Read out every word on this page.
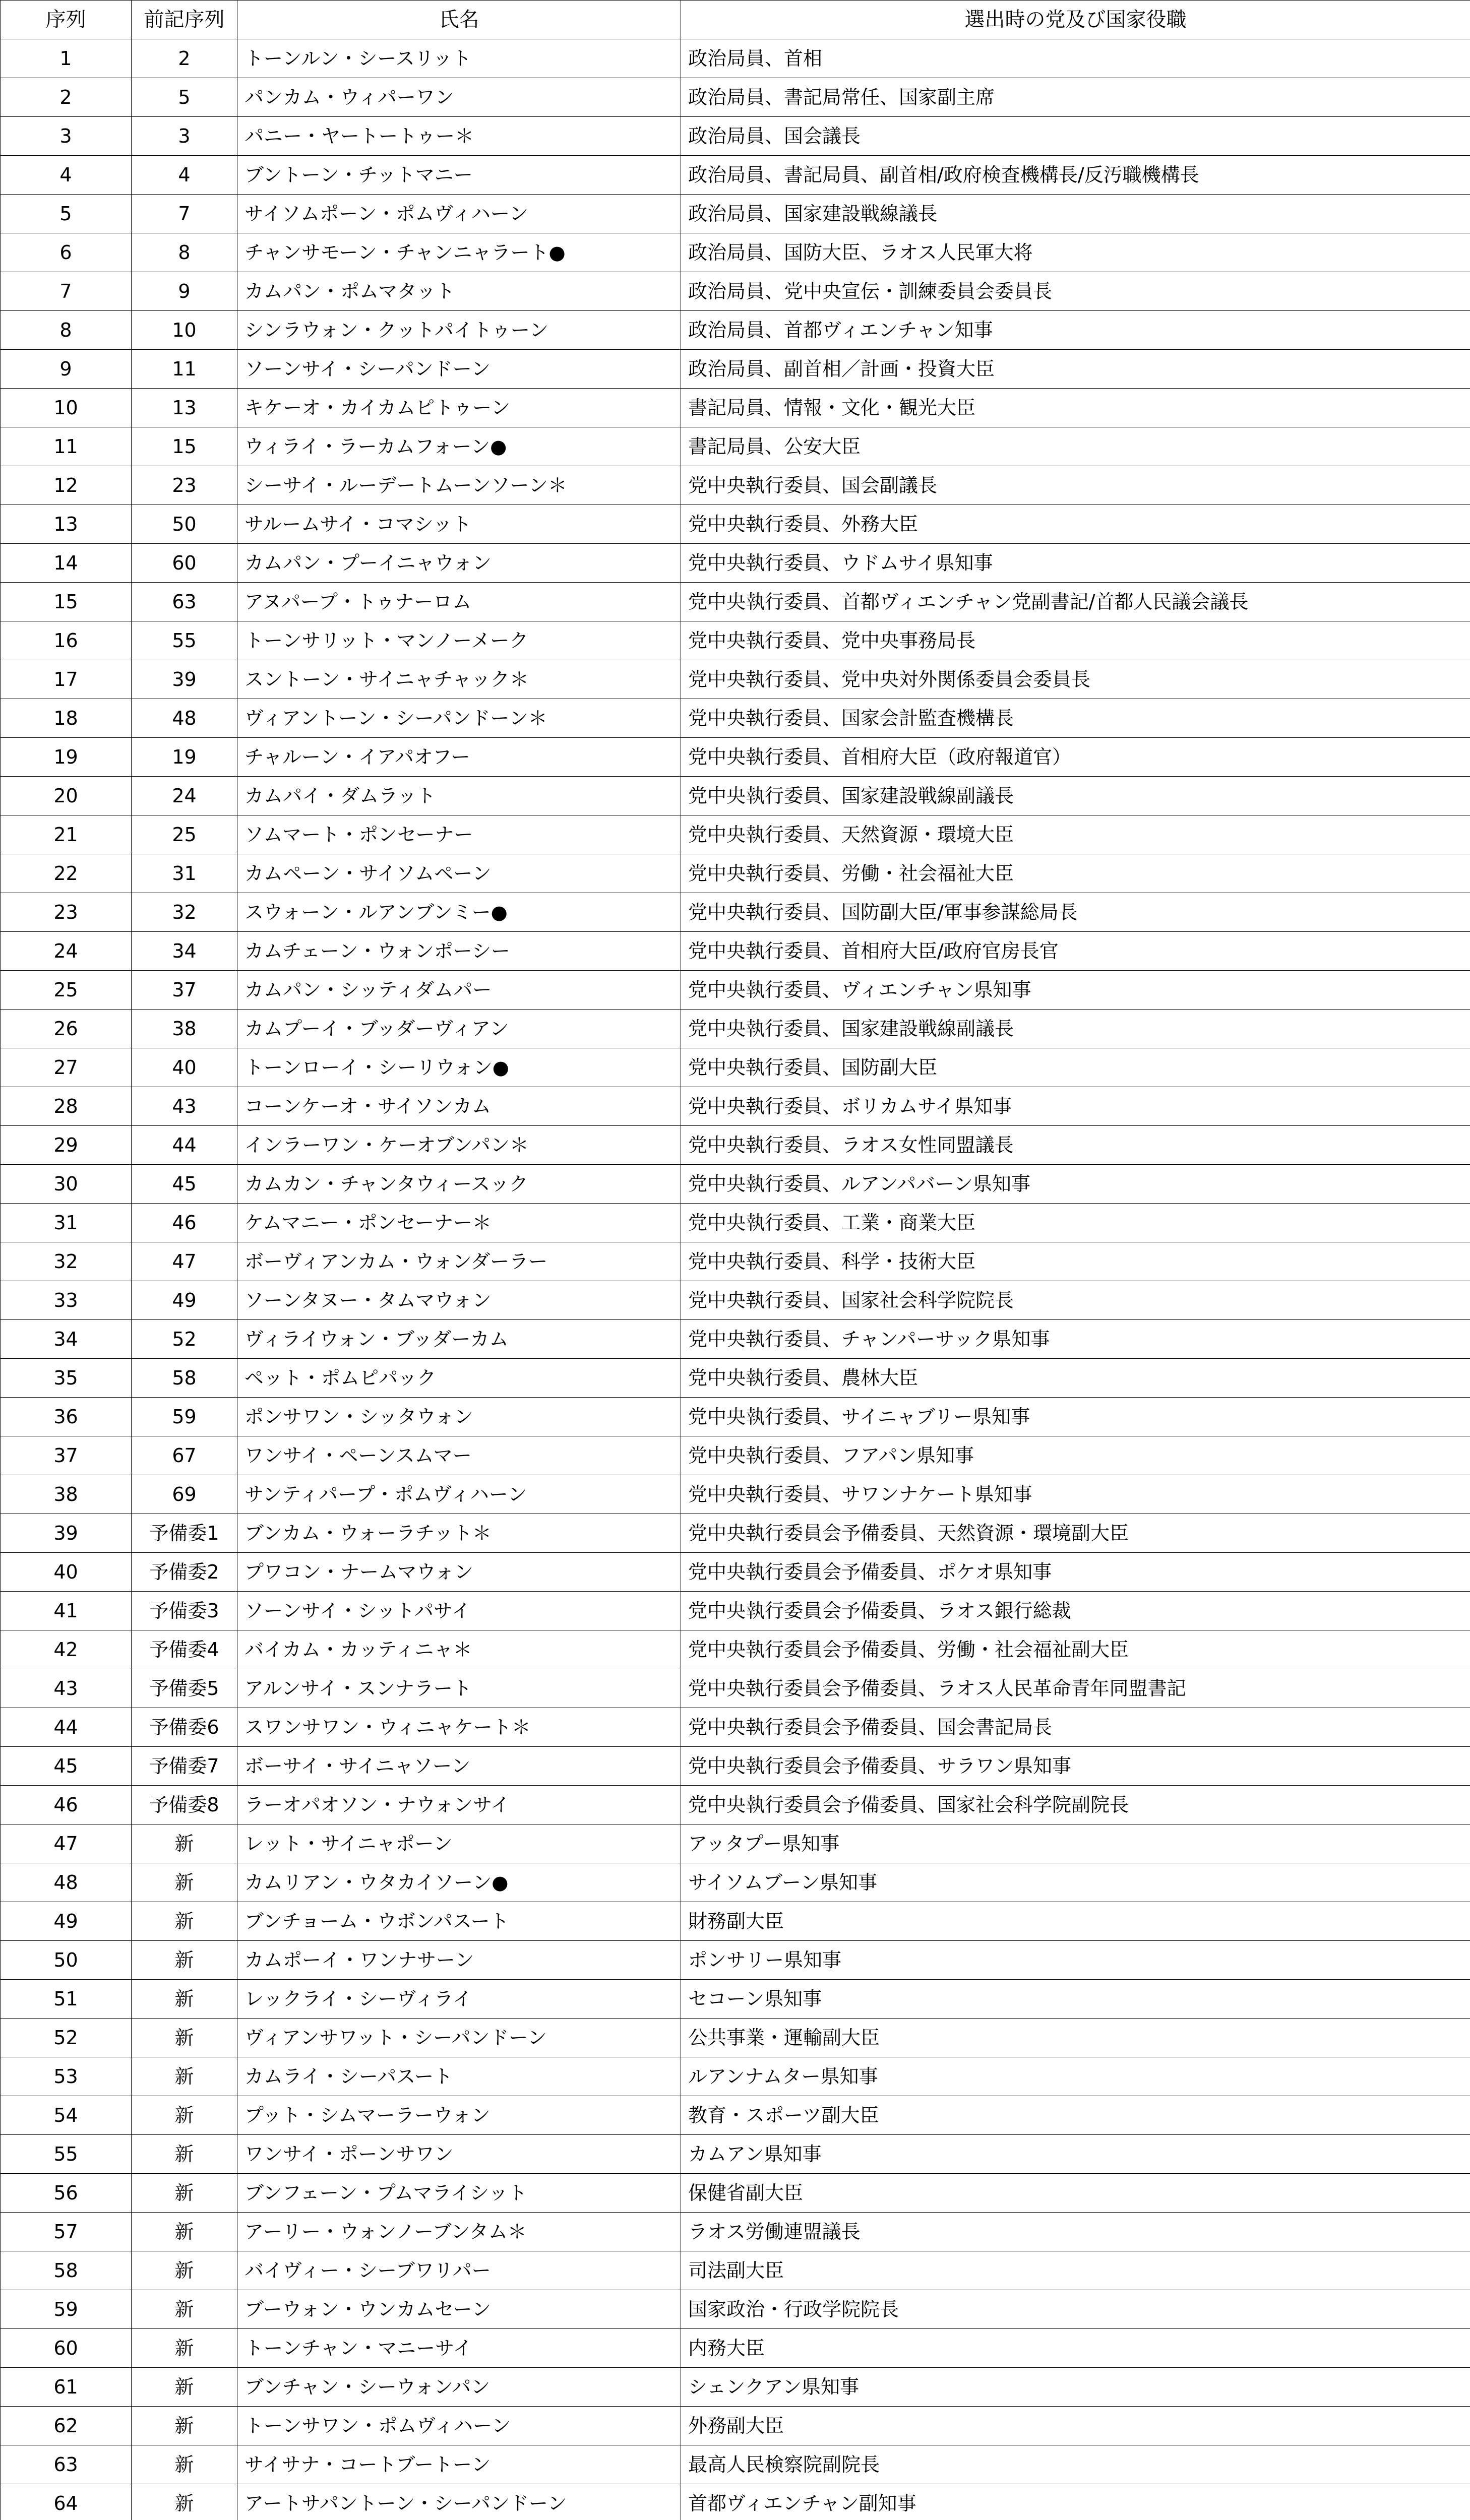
序列	前記序列	氏名	選出時の党及び国家役職
1	2	トーンルン・シースリット	政治局員、首相
2	5	パンカム・ウィパーワン	政治局員、書記局常任、国家副主席
3	3	パニー・ヤートートゥー＊	政治局員、国会議長
4	4	ブントーン・チットマニー	政治局員、書記局員、副首相/政府検査機構長/反汚職機構長
5	7	サイソムポーン・ポムヴィハーン	政治局員、国家建設戦線議長
6	8	チャンサモーン・チャンニャラート●	政治局員、国防大臣、ラオス人民軍大将
7	9	カムパン・ポムマタット	政治局員、党中央宣伝・訓練委員会委員長
8	10	シンラウォン・クットパイトゥーン	政治局員、首都ヴィエンチャン知事
9	11	ソーンサイ・シーパンドーン	政治局員、副首相／計画・投資大臣
10	13	キケーオ・カイカムピトゥーン	書記局員、情報・文化・観光大臣
11	15	ウィライ・ラーカムフォーン●	書記局員、公安大臣
12	23	シーサイ・ルーデートムーンソーン＊	党中央執行委員、国会副議長
13	50	サルームサイ・コマシット	党中央執行委員、外務大臣
14	60	カムパン・プーイニャウォン	党中央執行委員、ウドムサイ県知事
15	63	アヌパープ・トゥナーロム	党中央執行委員、首都ヴィエンチャン党副書記/首都人民議会議長
16	55	トーンサリット・マンノーメーク	党中央執行委員、党中央事務局長
17	39	スントーン・サイニャチャック＊	党中央執行委員、党中央対外関係委員会委員長
18	48	ヴィアントーン・シーパンドーン＊	党中央執行委員、国家会計監査機構長
19	19	チャルーン・イアパオフー	党中央執行委員、首相府大臣（政府報道官）
20	24	カムパイ・ダムラット	党中央執行委員、国家建設戦線副議長
21	25	ソムマート・ポンセーナー	党中央執行委員、天然資源・環境大臣
22	31	カムペーン・サイソムペーン	党中央執行委員、労働・社会福祉大臣
23	32	スウォーン・ルアンブンミー●	党中央執行委員、国防副大臣/軍事参謀総局長
24	34	カムチェーン・ウォンポーシー	党中央執行委員、首相府大臣/政府官房長官
25	37	カムパン・シッティダムパー	党中央執行委員、ヴィエンチャン県知事
26	38	カムプーイ・ブッダーヴィアン	党中央執行委員、国家建設戦線副議長
27	40	トーンローイ・シーリウォン●	党中央執行委員、国防副大臣
28	43	コーンケーオ・サイソンカム	党中央執行委員、ボリカムサイ県知事
29	44	インラーワン・ケーオブンパン＊	党中央執行委員、ラオス女性同盟議長
30	45	カムカン・チャンタウィースック	党中央執行委員、ルアンパバーン県知事
31	46	ケムマニー・ポンセーナー＊	党中央執行委員、工業・商業大臣
32	47	ボーヴィアンカム・ウォンダーラー	党中央執行委員、科学・技術大臣
33	49	ソーンタヌー・タムマウォン	党中央執行委員、国家社会科学院院長
34	52	ヴィライウォン・ブッダーカム	党中央執行委員、チャンパーサック県知事
35	58	ペット・ポムピパック	党中央執行委員、農林大臣
36	59	ポンサワン・シッタウォン	党中央執行委員、サイニャブリー県知事
37	67	ワンサイ・ペーンスムマー	党中央執行委員、フアパン県知事
38	69	サンティパープ・ポムヴィハーン	党中央執行委員、サワンナケート県知事
39	予備委1	ブンカム・ウォーラチット＊	党中央執行委員会予備委員、天然資源・環境副大臣
40	予備委2	プワコン・ナームマウォン	党中央執行委員会予備委員、ポケオ県知事
41	予備委3	ソーンサイ・シットパサイ	党中央執行委員会予備委員、ラオス銀行総裁
42	予備委4	バイカム・カッティニャ＊	党中央執行委員会予備委員、労働・社会福祉副大臣
43	予備委5	アルンサイ・スンナラート	党中央執行委員会予備委員、ラオス人民革命青年同盟書記
44	予備委6	スワンサワン・ウィニャケート＊	党中央執行委員会予備委員、国会書記局長
45	予備委7	ボーサイ・サイニャソーン	党中央執行委員会予備委員、サラワン県知事
46	予備委8	ラーオパオソン・ナウォンサイ	党中央執行委員会予備委員、国家社会科学院副院長
47	新	レット・サイニャポーン	アッタプー県知事
48	新	カムリアン・ウタカイソーン●	サイソムブーン県知事
49	新	ブンチョーム・ウボンパスート	財務副大臣
50	新	カムポーイ・ワンナサーン	ポンサリー県知事
51	新	レックライ・シーヴィライ	セコーン県知事
52	新	ヴィアンサワット・シーパンドーン	公共事業・運輸副大臣
53	新	カムライ・シーパスート	ルアンナムター県知事
54	新	プット・シムマーラーウォン	教育・スポーツ副大臣
55	新	ワンサイ・ポーンサワン	カムアン県知事
56	新	ブンフェーン・プムマライシット	保健省副大臣
57	新	アーリー・ウォンノーブンタム＊	ラオス労働連盟議長
58	新	バイヴィー・シーブワリパー	司法副大臣
59	新	ブーウォン・ウンカムセーン	国家政治・行政学院院長
60	新	トーンチャン・マニーサイ	内務大臣
61	新	ブンチャン・シーウォンパン	シェンクアン県知事
62	新	トーンサワン・ポムヴィハーン	外務副大臣
63	新	サイサナ・コートブートーン	最高人民検察院副院長
64	新	アートサパントーン・シーパンドーン	首都ヴィエンチャン副知事
